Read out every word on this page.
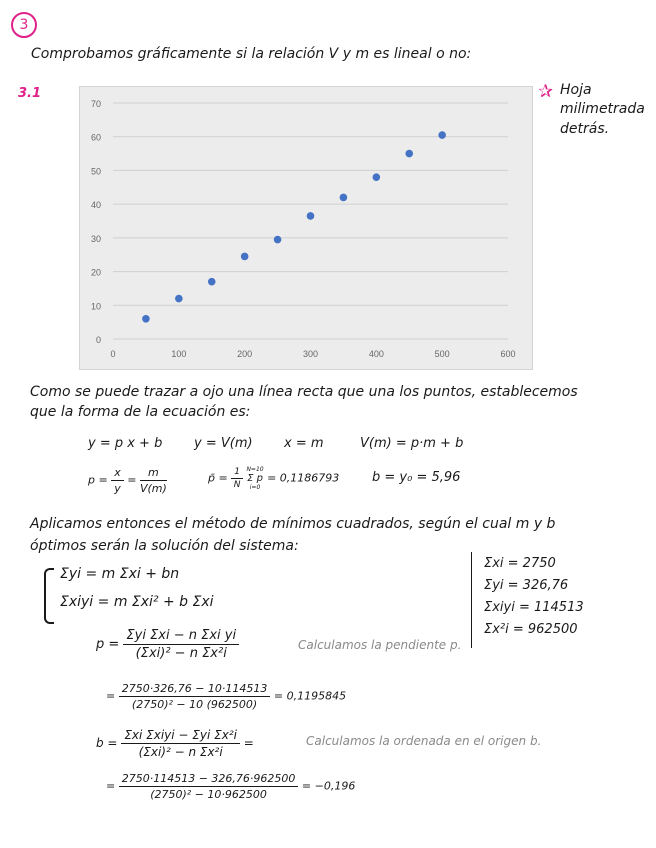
3
Comprobamos gráficamente si la relación V y m es lineal o no:
3.1	✰ Hoja
milimetrada
detrás.
0
10
20
30
40
50
60
70
0	100	200	300	400	500	600
Como se puede trazar a ojo una línea recta que una los puntos, establecemos
que la forma de la ecuación es:
y = p x + b y = V(m) x = m	V(m) = p·m + b
$p = \frac{x}{y} = \frac{m}{V(m)}$	p̄ = $\frac{1}{N}$
N=10
Σ p
i=0
= 0,1186793	b = y₀ = 5,96
Aplicamos entonces el método de mínimos cuadrados, según el cual m y b
óptimos serán la solución del sistema:
Σyi = m Σxi + bn
Σxiyi = m Σxi² + b Σxi
Σxi = 2750
Σyi = 326,76
Σxiyi = 114513
Σx²i = 962500
$p = \frac{\text{Σyi Σxi − n Σxi yi}}{\text{(Σxi)² − n Σx²i}}$	Calculamos la pendiente p.
= $\frac{2750\cdot 326,76 - 10\cdot 114513}{\text{(2750)² − 10 (962500)}} = 0,1195845$
$b = \frac{\text{Σxi Σxiyi − Σyi Σx²i}}{\text{(Σxi)² − n Σx²i}}$ =	Calculamos la ordenada en el origen b.
= $\frac{2750\cdot 114513 - 326,76\cdot 962500}{\text{(2750)² − 10·962500}} = -0,196$
